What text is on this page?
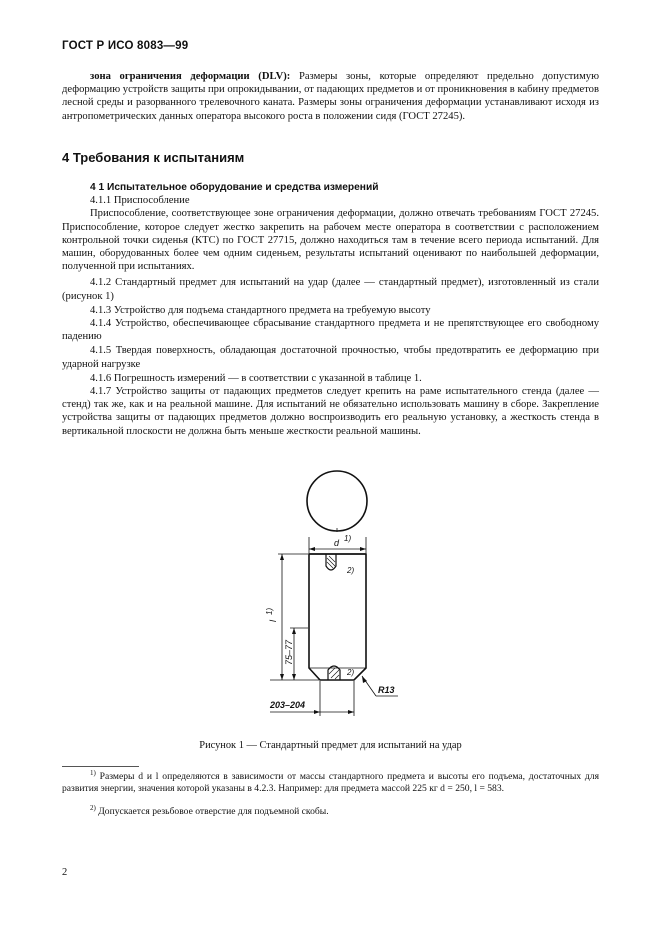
ГОСТ Р ИСО 8083—99

зона ограничения деформации (DLV): Размеры зоны, которые определяют предельно допустимую деформацию устройств защиты при опрокидывании, от падающих предметов и от проникновения в кабину предметов лесной среды и разорванного трелевочного каната. Размеры зоны ограничения деформации устанавливают исходя из антропометрических данных оператора высокого роста в положении сидя (ГОСТ 27245).

4 Требования к испытаниям

4 1 Испытательное оборудование и средства измерений

4.1.1 Приспособление

Приспособление, соответствующее зоне ограничения деформации, должно отвечать требованиям ГОСТ 27245. Приспособление, которое следует жестко закрепить на рабочем месте оператора в соответствии с расположением контрольной точки сиденья (КТС) по ГОСТ 27715, должно находиться там в течение всего периода испытаний. Для машин, оборудованных более чем одним сиденьем, результаты испытаний оценивают по наибольшей деформации, полученной при испытаниях.

4.1.2 Стандартный предмет для испытаний на удар (далее — стандартный предмет), изготовленный из стали (рисунок 1)

4.1.3 Устройство для подъема стандартного предмета на требуемую высоту

4.1.4 Устройство, обеспечивающее сбрасывание стандартного предмета и не препятствующее его свободному падению

4.1.5 Твердая поверхность, обладающая достаточной прочностью, чтобы предотвратить ее деформацию при ударной нагрузке

4.1.6 Погрешность измерений — в соответствии с указанной в таблице 1.

4.1.7 Устройство защиты от падающих предметов следует крепить на раме испытательного стенда (далее — стенд) так же, как и на реальной машине. Для испытаний не обязательно использовать машину в сборе. Закрепление устройства защиты от падающих предметов должно воспроизводить его реальную установку, а жесткость стенда в вертикальной плоскости не должна быть меньше жесткости реальной машины.

d 1)
2)
2)
l
1)
75–77
203–204
R13
Рисунок 1 — Стандартный предмет для испытаний на удар

$^{1)}$ Размеры d и l определяются в зависимости от массы стандартного предмета и высоты его подъема, достаточных для развития энергии, значения которой указаны в 4.2.3. Например: для предмета массой 225 кг d = 250, l = 583.

$^{2)}$ Допускается резьбовое отверстие для подъемной скобы.

2
